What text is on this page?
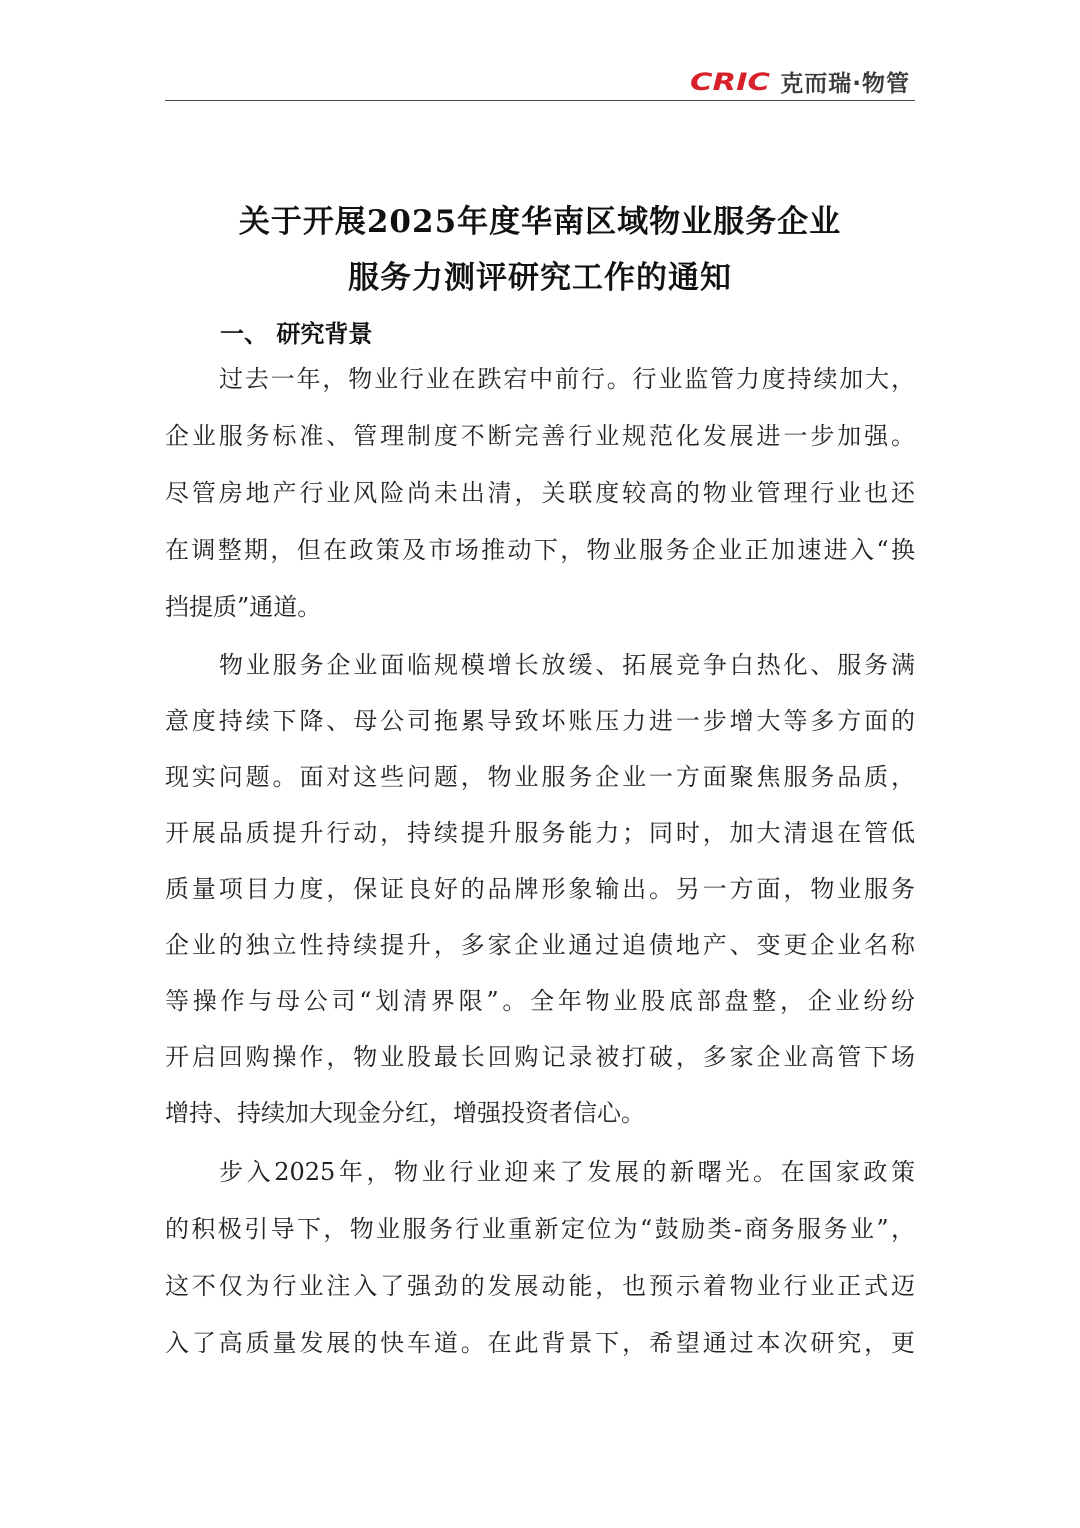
CRIC 克而瑞·物管
关于开展2025年度华南区域物业服务企业
服务力测评研究工作的通知
一、 研究背景
过去一年，物业行业在跌宕中前行。行业监管力度持续加大，
企业服务标准、管理制度不断完善行业规范化发展进一步加强。
尽管房地产行业风险尚未出清，关联度较高的物业管理行业也还
在调整期，但在政策及市场推动下，物业服务企业正加速进入“换
挡提质”通道。
物业服务企业面临规模增长放缓、拓展竞争白热化、服务满
意度持续下降、母公司拖累导致坏账压力进一步增大等多方面的
现实问题。面对这些问题，物业服务企业一方面聚焦服务品质，
开展品质提升行动，持续提升服务能力；同时，加大清退在管低
质量项目力度，保证良好的品牌形象输出。另一方面，物业服务
企业的独立性持续提升，多家企业通过追债地产、变更企业名称
等操作与母公司“划清界限”。全年物业股底部盘整，企业纷纷
开启回购操作，物业股最长回购记录被打破，多家企业高管下场
增持、持续加大现金分红，增强投资者信心。
步入2025年，物业行业迎来了发展的新曙光。在国家政策
的积极引导下，物业服务行业重新定位为“鼓励类-商务服务业”，
这不仅为行业注入了强劲的发展动能，也预示着物业行业正式迈
入了高质量发展的快车道。在此背景下，希望通过本次研究，更
